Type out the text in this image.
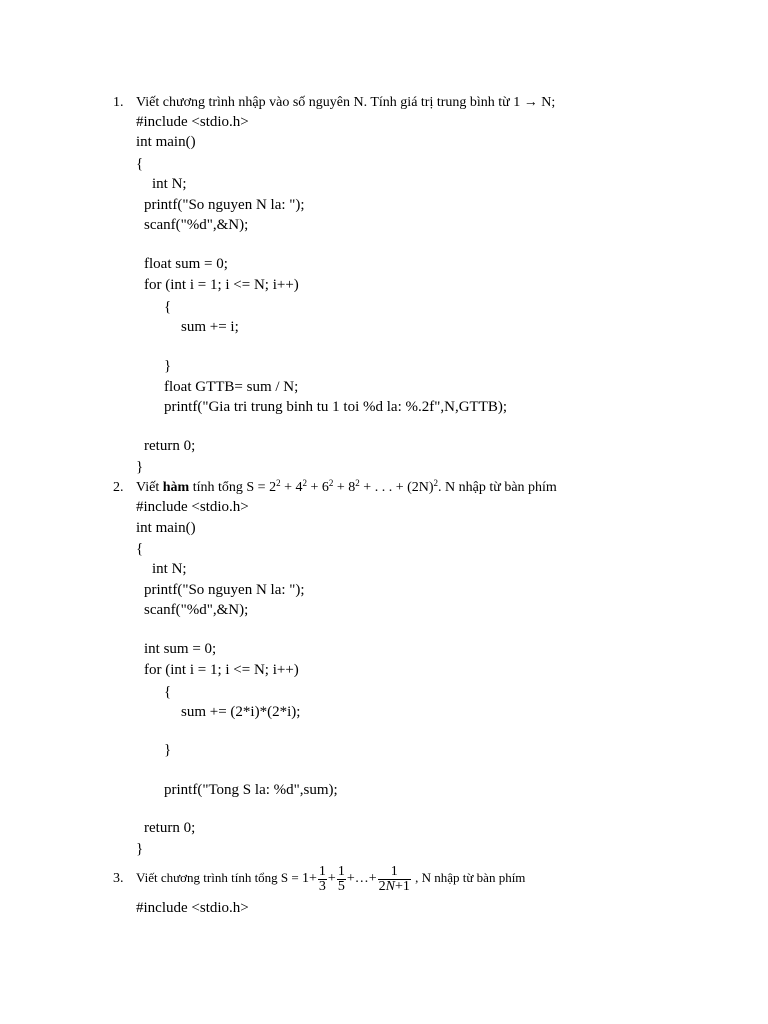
1. Viết chương trình nhập vào số nguyên N. Tính giá trị trung bình từ 1 → N;
#include <stdio.h>
int main()
{
int N;
printf("So nguyen N la: ");
scanf("%d",&N);
float sum = 0;
for (int i = 1; i <= N; i++)
{
sum += i;
}
float GTTB= sum / N;
printf("Gia tri trung binh tu 1 toi %d la: %.2f",N,GTTB);
return 0;
}
2. Viết hàm tính tổng $S = 2^2 + 4^2 + 6^2 + 8^2$ + . . . + $(2N)^2$. N nhập từ bàn phím
#include <stdio.h>
int main()
{
int N;
printf("So nguyen N la: ");
scanf("%d",&N);
int sum = 0;
for (int i = 1; i <= N; i++)
{
sum += (2*i)*(2*i);
}
printf("Tong S la: %d",sum);
return 0;
}
3. Viết chương trình tính tổng $S = 1+ \frac{1}{3} + \frac{1}{5}$ +…+ $\frac{1}{2N+1}$ , N nhập từ bàn phím
#include <stdio.h>
